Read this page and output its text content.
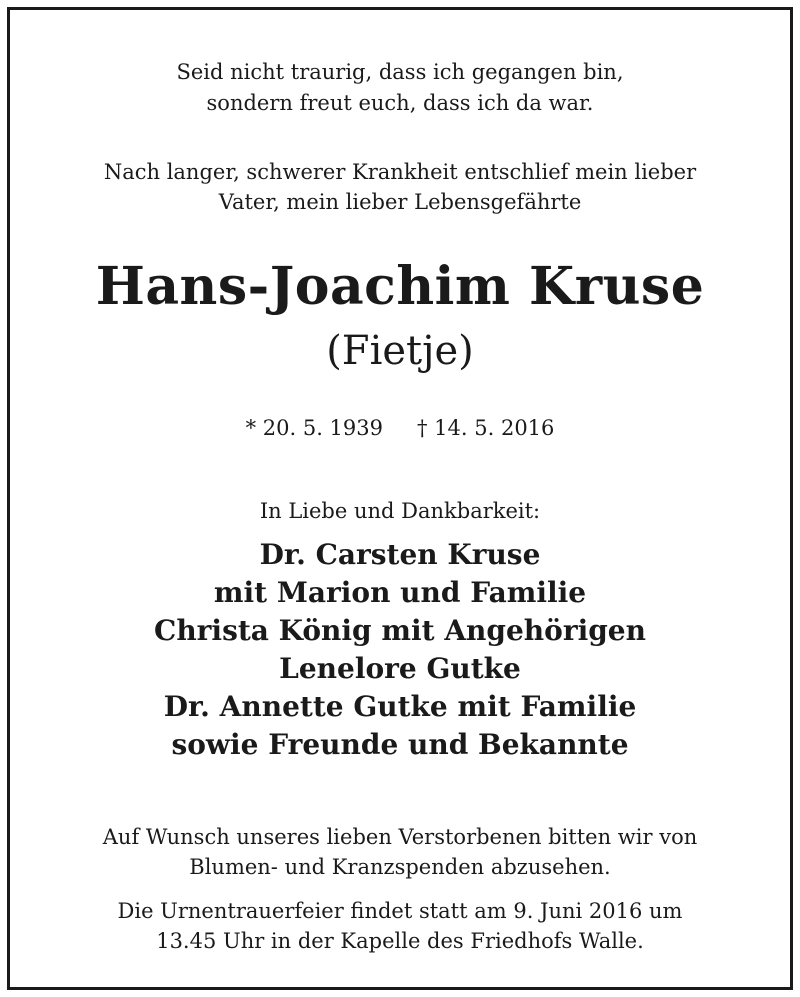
Seid nicht traurig, dass ich gegangen bin,
sondern freut euch, dass ich da war.
Nach langer, schwerer Krankheit entschlief mein lieber
Vater, mein lieber Lebensgefährte
Hans-Joachim Kruse
(Fietje)
* 20. 5. 1939 † 14. 5. 2016
In Liebe und Dankbarkeit:
Dr. Carsten Kruse
mit Marion und Familie
Christa König mit Angehörigen
Lenelore Gutke
Dr. Annette Gutke mit Familie
sowie Freunde und Bekannte
Auf Wunsch unseres lieben Verstorbenen bitten wir von
Blumen- und Kranzspenden abzusehen.
Die Urnentrauerfeier findet statt am 9. Juni 2016 um
13.45 Uhr in der Kapelle des Friedhofs Walle.
